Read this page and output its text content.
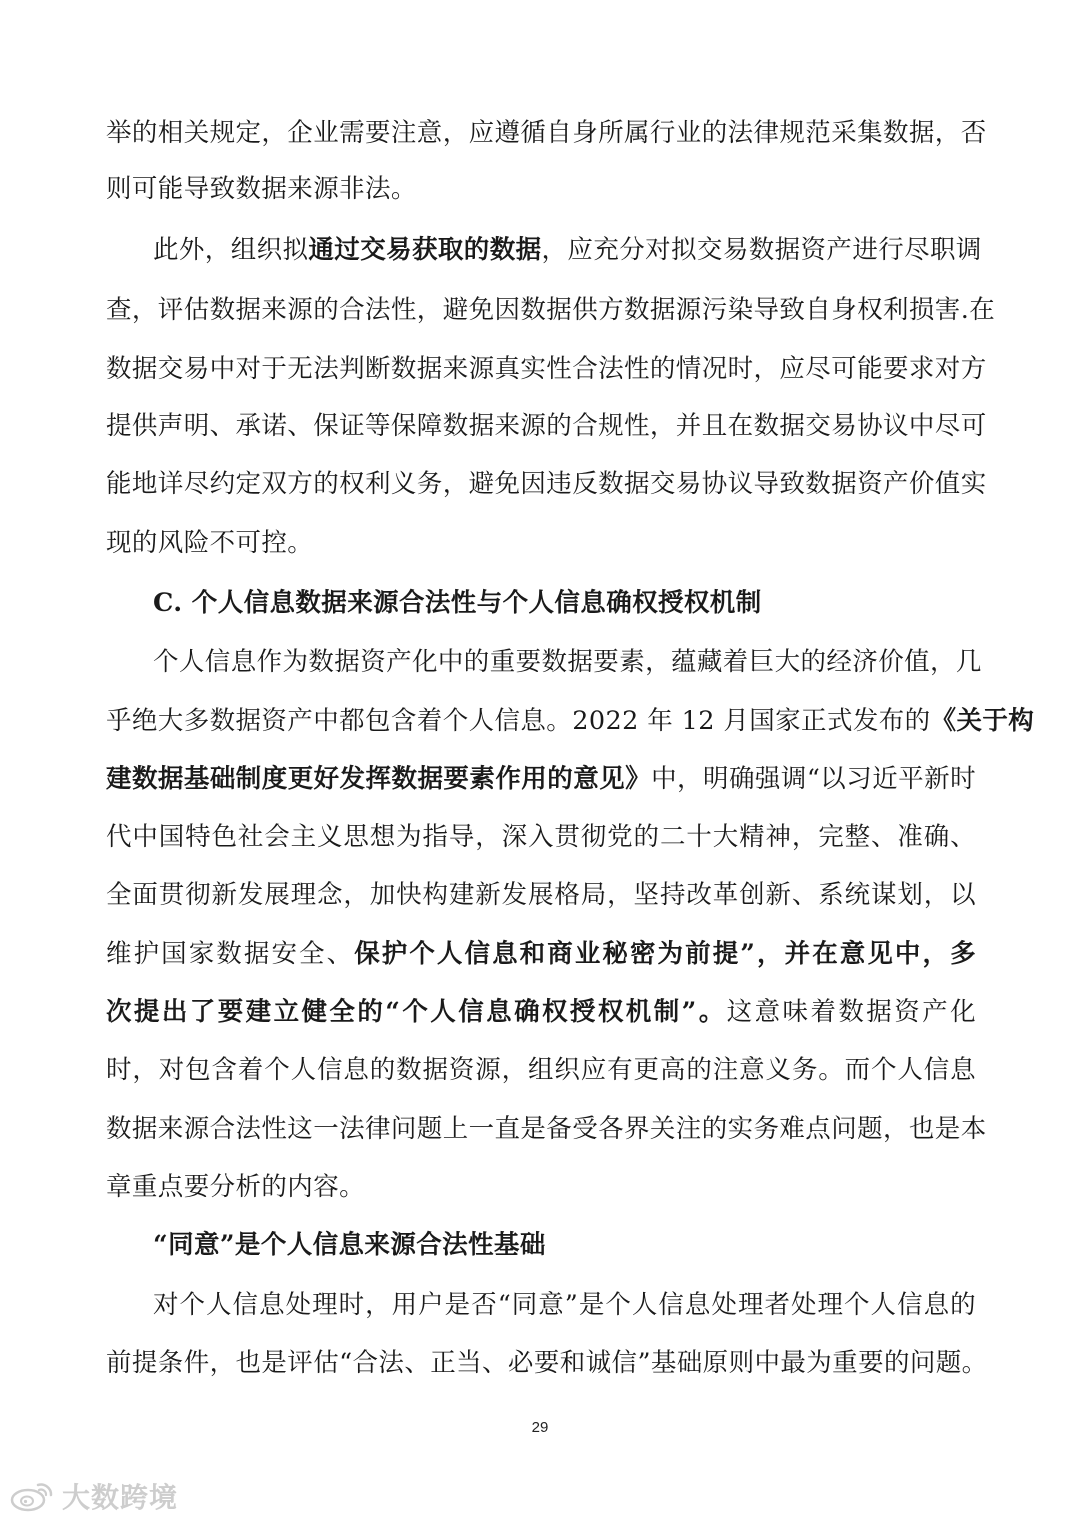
举的相关规定，企业需要注意，应遵循自身所属行业的法律规范采集数据，否
则可能导致数据来源非法。
此外，组织拟通过交易获取的数据，应充分对拟交易数据资产进行尽职调
查，评估数据来源的合法性，避免因数据供方数据源污染导致自身权利损害.在
数据交易中对于无法判断数据来源真实性合法性的情况时，应尽可能要求对方
提供声明、承诺、保证等保障数据来源的合规性，并且在数据交易协议中尽可
能地详尽约定双方的权利义务，避免因违反数据交易协议导致数据资产价值实
现的风险不可控。
C. 个人信息数据来源合法性与个人信息确权授权机制
个人信息作为数据资产化中的重要数据要素，蕴藏着巨大的经济价值，几
乎绝大多数据资产中都包含着个人信息。2022 年 12 月国家正式发布的《关于构
建数据基础制度更好发挥数据要素作用的意见》中，明确强调“以习近平新时
代中国特色社会主义思想为指导，深入贯彻党的二十大精神，完整、准确、
全面贯彻新发展理念，加快构建新发展格局，坚持改革创新、系统谋划，以
维护国家数据安全、保护个人信息和商业秘密为前提”，并在意见中，多
次提出了要建立健全的“个人信息确权授权机制”。这意味着数据资产化
时，对包含着个人信息的数据资源，组织应有更高的注意义务。而个人信息
数据来源合法性这一法律问题上一直是备受各界关注的实务难点问题，也是本
章重点要分析的内容。
“同意”是个人信息来源合法性基础
对个人信息处理时，用户是否“同意”是个人信息处理者处理个人信息的
前提条件，也是评估“合法、正当、必要和诚信”基础原则中最为重要的问题。
29
大数跨境
